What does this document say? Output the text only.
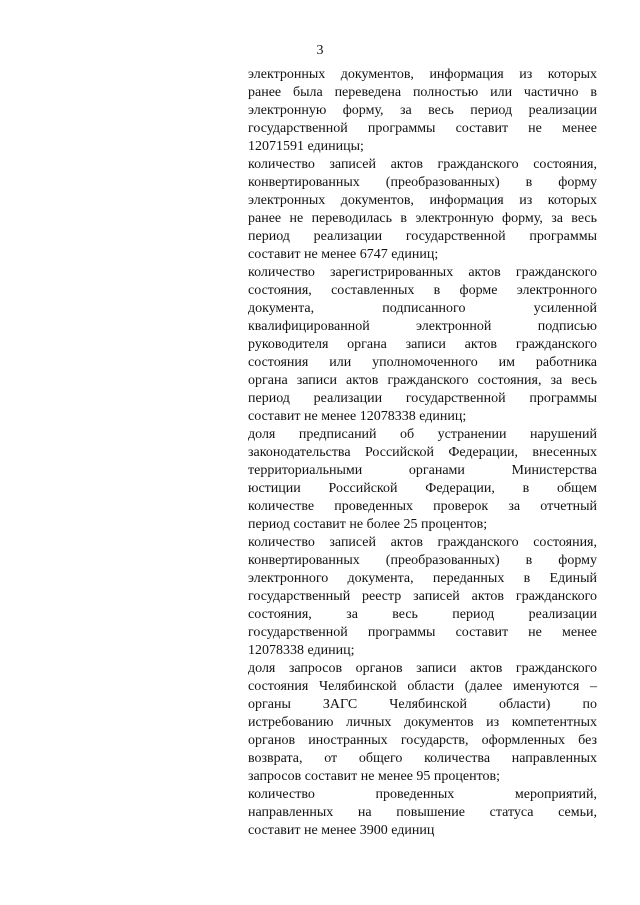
3
электронных документов, информация из которых
ранее была переведена полностью или частично в
электронную форму, за весь период реализации
государственной программы составит не менее
12071591 единицы;
количество записей актов гражданского состояния,
конвертированных (преобразованных) в форму
электронных документов, информация из которых
ранее не переводилась в электронную форму, за весь
период реализации государственной программы
составит не менее 6747 единиц;
количество зарегистрированных актов гражданского
состояния, составленных в форме электронного
документа, подписанного усиленной
квалифицированной электронной подписью
руководителя органа записи актов гражданского
состояния или уполномоченного им работника
органа записи актов гражданского состояния, за весь
период реализации государственной программы
составит не менее 12078338 единиц;
доля предписаний об устранении нарушений
законодательства Российской Федерации, внесенных
территориальными органами Министерства
юстиции Российской Федерации, в общем
количестве проведенных проверок за отчетный
период составит не более 25 процентов;
количество записей актов гражданского состояния,
конвертированных (преобразованных) в форму
электронного документа, переданных в Единый
государственный реестр записей актов гражданского
состояния, за весь период реализации
государственной программы составит не менее
12078338 единиц;
доля запросов органов записи актов гражданского
состояния Челябинской области (далее именуются –
органы ЗАГС Челябинской области) по
истребованию личных документов из компетентных
органов иностранных государств, оформленных без
возврата, от общего количества направленных
запросов составит не менее 95 процентов;
количество проведенных мероприятий,
направленных на повышение статуса семьи,
составит не менее 3900 единиц
